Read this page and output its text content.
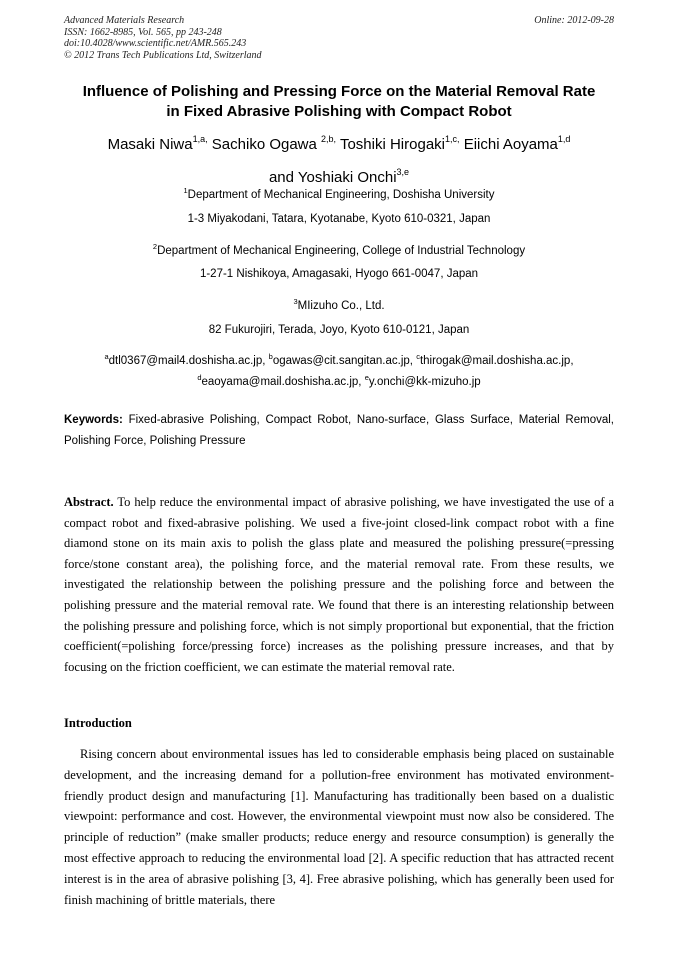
Advanced Materials Research
ISSN: 1662-8985, Vol. 565, pp 243-248
doi:10.4028/www.scientific.net/AMR.565.243
© 2012 Trans Tech Publications Ltd, Switzerland
Online: 2012-09-28
Influence of Polishing and Pressing Force on the Material Removal Rate
in Fixed Abrasive Polishing with Compact Robot
Masaki Niwa$^{1,a,}$ Sachiko Ogawa $^{2,b,}$ Toshiki Hirogaki$^{1,c,}$ Eiichi Aoyama$^{1,d}$
and Yoshiaki Onchi$^{3,e}$
$^1$Department of Mechanical Engineering, Doshisha University
1-3 Miyakodani, Tatara, Kyotanabe, Kyoto 610-0321, Japan
$^2$Department of Mechanical Engineering, College of Industrial Technology
1-27-1 Nishikoya, Amagasaki, Hyogo 661-0047, Japan
$^3$MIizuho Co., Ltd.
82 Fukurojiri, Terada, Joyo, Kyoto 610-0121, Japan
$^a$dtl0367@mail4.doshisha.ac.jp, $^b$ogawas@cit.sangitan.ac.jp, $^c$thirogak@mail.doshisha.ac.jp,
$^d$eaoyama@mail.doshisha.ac.jp, $^e$y.onchi@kk-mizuho.jp
Keywords: Fixed-abrasive Polishing, Compact Robot, Nano-surface, Glass Surface, Material Removal, Polishing Force, Polishing Pressure
Abstract. To help reduce the environmental impact of abrasive polishing, we have investigated the use of a compact robot and fixed-abrasive polishing. We used a five-joint closed-link compact robot with a fine diamond stone on its main axis to polish the glass plate and measured the polishing pressure(=pressing force/stone constant area), the polishing force, and the material removal rate. From these results, we investigated the relationship between the polishing pressure and the polishing force and between the polishing pressure and the material removal rate. We found that there is an interesting relationship between the polishing pressure and polishing force, which is not simply proportional but exponential, that the friction coefficient(=polishing force/pressing force) increases as the polishing pressure increases, and that by focusing on the friction coefficient, we can estimate the material removal rate.
Introduction
Rising concern about environmental issues has led to considerable emphasis being placed on sustainable development, and the increasing demand for a pollution-free environment has motivated environment-friendly product design and manufacturing [1]. Manufacturing has traditionally been based on a dualistic viewpoint: performance and cost. However, the environmental viewpoint must now also be considered. The principle of reduction” (make smaller products; reduce energy and resource consumption) is generally the most effective approach to reducing the environmental load [2]. A specific reduction that has attracted recent interest is in the area of abrasive polishing [3, 4]. Free abrasive polishing, which has generally been used for finish machining of brittle materials, there
